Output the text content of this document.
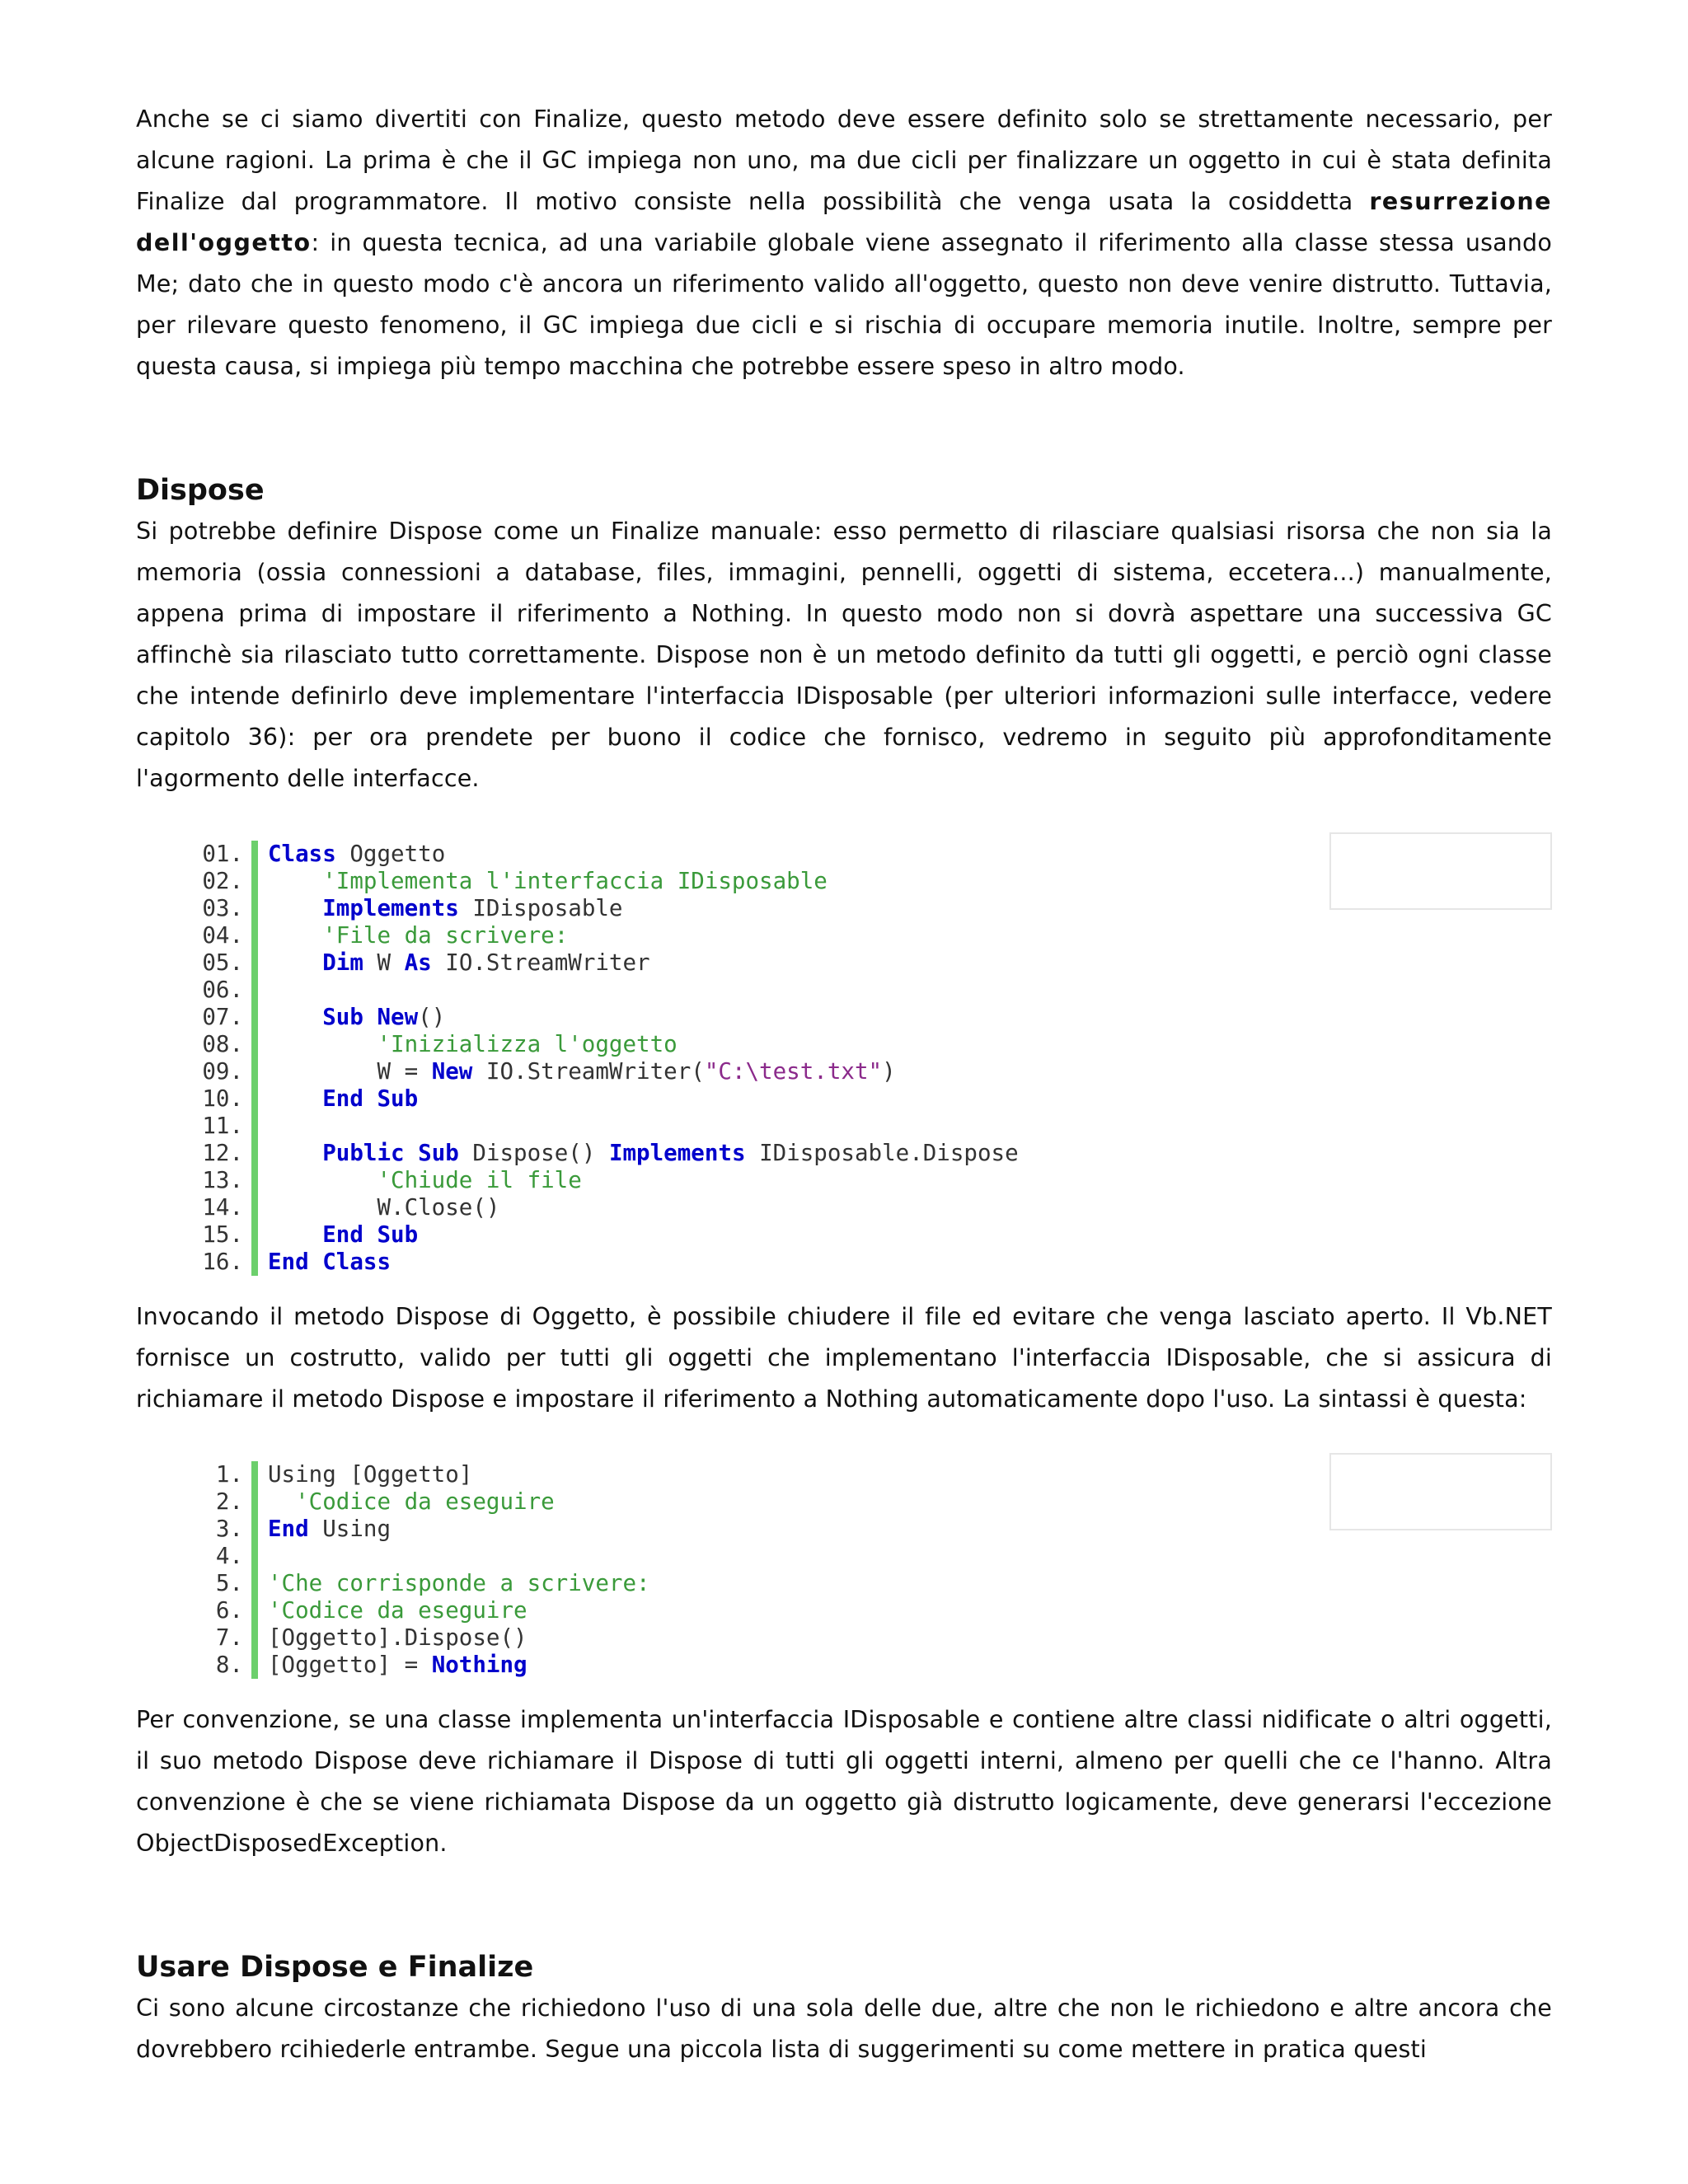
Anche se ci siamo divertiti con Finalize, questo metodo deve essere definito solo se strettamente necessario, per alcune ragioni. La prima è che il GC impiega non uno, ma due cicli per finalizzare un oggetto in cui è stata definita Finalize dal programmatore. Il motivo consiste nella possibilità che venga usata la cosiddetta resurrezione dell'oggetto: in questa tecnica, ad una variabile globale viene assegnato il riferimento alla classe stessa usando Me; dato che in questo modo c'è ancora un riferimento valido all'oggetto, questo non deve venire distrutto. Tuttavia, per rilevare questo fenomeno, il GC impiega due cicli e si rischia di occupare memoria inutile. Inoltre, sempre per questa causa, si impiega più tempo macchina che potrebbe essere speso in altro modo.

Dispose

Si potrebbe definire Dispose come un Finalize manuale: esso permetto di rilasciare qualsiasi risorsa che non sia la memoria (ossia connessioni a database, files, immagini, pennelli, oggetti di sistema, eccetera...) manualmente, appena prima di impostare il riferimento a Nothing. In questo modo non si dovrà aspettare una successiva GC affinchè sia rilasciato tutto correttamente. Dispose non è un metodo definito da tutti gli oggetti, e perciò ogni classe che intende definirlo deve implementare l'interfaccia IDisposable (per ulteriori informazioni sulle interfacce, vedere capitolo 36): per ora prendete per buono il codice che fornisco, vedremo in seguito più approfonditamente l'agormento delle interfacce.

01.	Class Oggetto
02.	'Implementa l'interfaccia IDisposable
03.	Implements IDisposable
04.	'File da scrivere:
05.	Dim W As IO.StreamWriter
06.

07.	Sub New()
08.	'Inizializza l'oggetto
09.	W = New IO.StreamWriter("C:\test.txt")
10.	End Sub
11.

12.	Public Sub Dispose() Implements IDisposable.Dispose
13.	'Chiude il file
14.	W.Close()
15.	End Sub
16.	End Class

Invocando il metodo Dispose di Oggetto, è possibile chiudere il file ed evitare che venga lasciato aperto. Il Vb.NET fornisce un costrutto, valido per tutti gli oggetti che implementano l'interfaccia IDisposable, che si assicura di richiamare il metodo Dispose e impostare il riferimento a Nothing automaticamente dopo l'uso. La sintassi è questa:

1.	Using [Oggetto]
2.	'Codice da eseguire
3.	End Using
4.

5.	'Che corrisponde a scrivere:
6.	'Codice da eseguire
7.	[Oggetto].Dispose()
8.	[Oggetto] = Nothing

Per convenzione, se una classe implementa un'interfaccia IDisposable e contiene altre classi nidificate o altri oggetti, il suo metodo Dispose deve richiamare il Dispose di tutti gli oggetti interni, almeno per quelli che ce l'hanno. Altra convenzione è che se viene richiamata Dispose da un oggetto già distrutto logicamente, deve generarsi l'eccezione ObjectDisposedException.

Usare Dispose e Finalize

Ci sono alcune circostanze che richiedono l'uso di una sola delle due, altre che non le richiedono e altre ancora che dovrebbero rcihiederle entrambe. Segue una piccola lista di suggerimenti su come mettere in pratica questi
